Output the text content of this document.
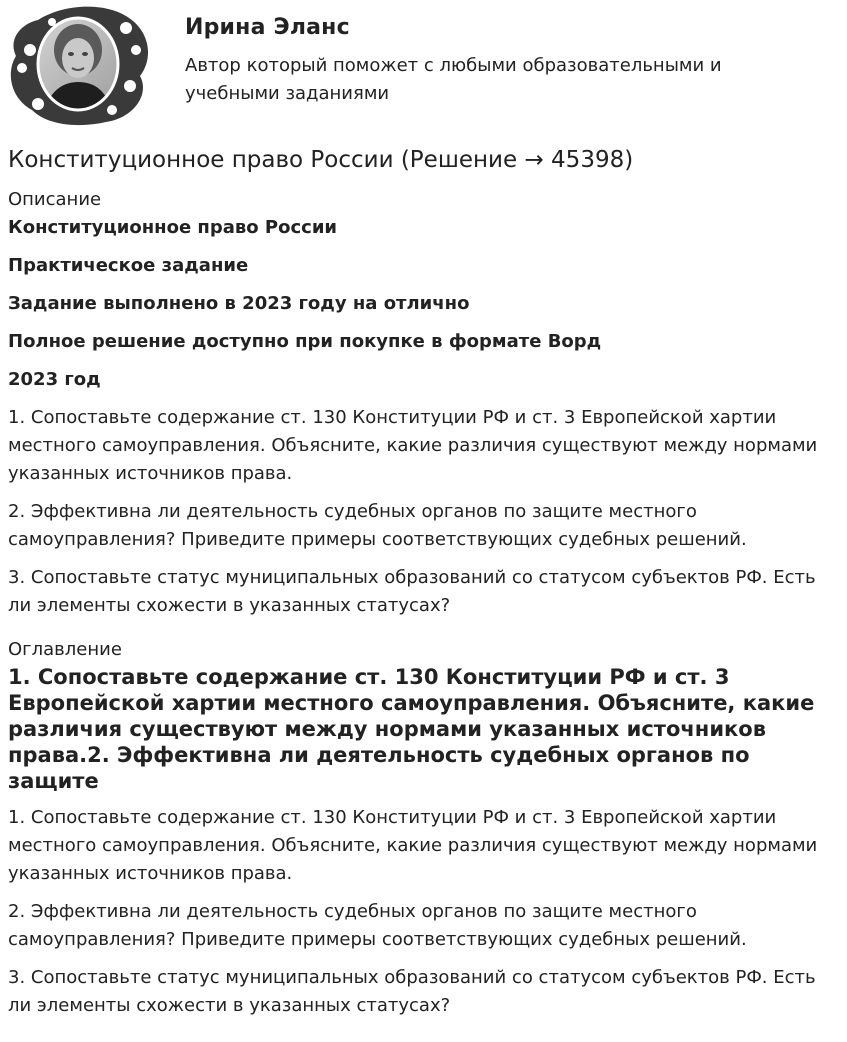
Ирина Эланс
Автор который поможет с любыми образовательными и учебными заданиями
Конституционное право России (Решение → 45398)
Описание

Конституционное право России

Практическое задание

Задание выполнено в 2023 году на отлично

Полное решение доступно при покупке в формате Ворд

2023 год

1. Сопоставьте содержание ст. 130 Конституции РФ и ст. 3 Европейской хартии местного самоуправления. Объясните, какие различия существуют между нормами указанных источников права.

2. Эффективна ли деятельность судебных органов по защите местного самоуправления? Приведите примеры соответствующих судебных решений.

3. Сопоставьте статус муниципальных образований со статусом субъектов РФ. Есть ли элементы схожести в указанных статусах?

Оглавление
1. Сопоставьте содержание ст. 130 Конституции РФ и ст. 3 Европейской хартии местного самоуправления. Объясните, какие различия существуют между нормами указанных источников права.2. Эффективна ли деятельность судебных органов по защите

1. Сопоставьте содержание ст. 130 Конституции РФ и ст. 3 Европейской хартии местного самоуправления. Объясните, какие различия существуют между нормами указанных источников права.

2. Эффективна ли деятельность судебных органов по защите местного самоуправления? Приведите примеры соответствующих судебных решений.

3. Сопоставьте статус муниципальных образований со статусом субъектов РФ. Есть ли элементы схожести в указанных статусах?
